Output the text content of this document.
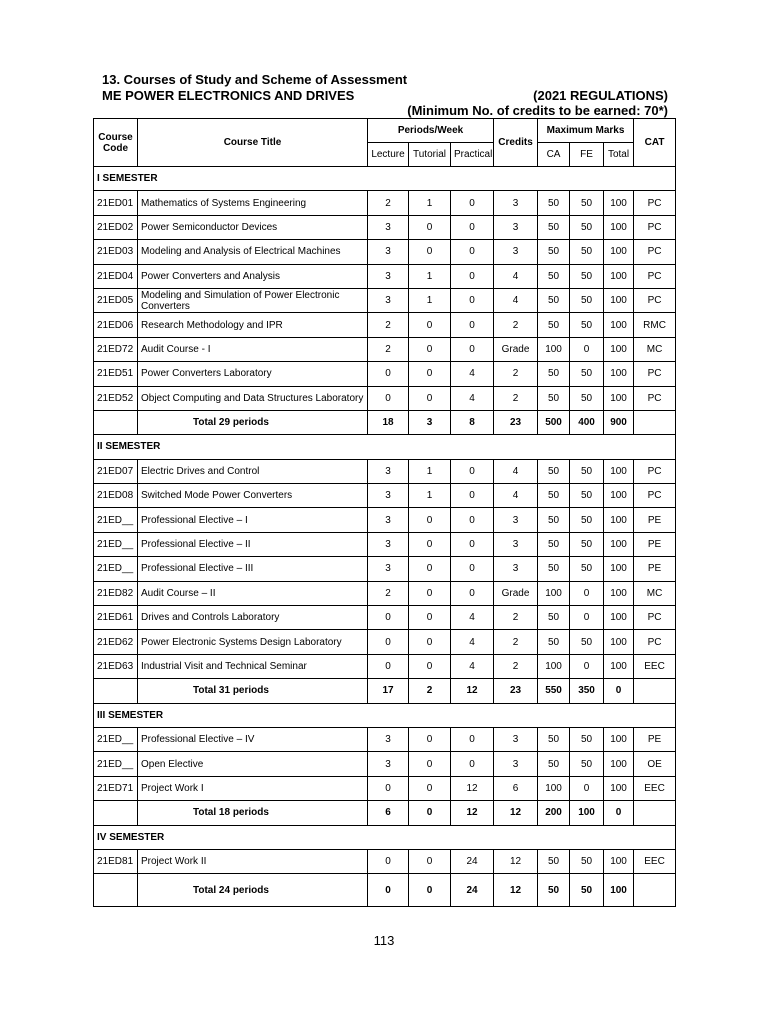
13. Courses of Study and Scheme of Assessment
ME POWER ELECTRONICS AND DRIVES	(2021 REGULATIONS)
(Minimum No. of credits to be earned: 70*)
Course Code	Course Title	Periods/Week			Credits	Maximum Marks			CAT
		Lecture	Tutorial	Practical		CA	FE	Total	
I SEMESTER									
21ED01	Mathematics of Systems Engineering	2	1	0	3	50	50	100	PC
21ED02	Power Semiconductor Devices	3	0	0	3	50	50	100	PC
21ED03	Modeling and Analysis of Electrical Machines	3	0	0	3	50	50	100	PC
21ED04	Power Converters and Analysis	3	1	0	4	50	50	100	PC
21ED05	Modeling and Simulation of Power Electronic Converters	3	1	0	4	50	50	100	PC
21ED06	Research Methodology and IPR	2	0	0	2	50	50	100	RMC
21ED72	Audit Course - I	2	0	0	Grade	100	0	100	MC
21ED51	Power Converters Laboratory	0	0	4	2	50	50	100	PC
21ED52	Object Computing and Data Structures Laboratory	0	0	4	2	50	50	100	PC
	Total 29 periods	18	3	8	23	500	400	900	
II SEMESTER									
21ED07	Electric Drives and Control	3	1	0	4	50	50	100	PC
21ED08	Switched Mode Power Converters	3	1	0	4	50	50	100	PC
21ED__	Professional Elective – I	3	0	0	3	50	50	100	PE
21ED__	Professional Elective – II	3	0	0	3	50	50	100	PE
21ED__	Professional Elective – III	3	0	0	3	50	50	100	PE
21ED82	Audit Course – II	2	0	0	Grade	100	0	100	MC
21ED61	Drives and Controls Laboratory	0	0	4	2	50	0	100	PC
21ED62	Power Electronic Systems Design Laboratory	0	0	4	2	50	50	100	PC
21ED63	Industrial Visit and Technical Seminar	0	0	4	2	100	0	100	EEC
	Total 31 periods	17	2	12	23	550	350	0	
III SEMESTER									
21ED__	Professional Elective – IV	3	0	0	3	50	50	100	PE
21ED__	Open Elective	3	0	0	3	50	50	100	OE
21ED71	Project Work I	0	0	12	6	100	0	100	EEC
	Total 18 periods	6	0	12	12	200	100	0	
IV SEMESTER									
21ED81	Project Work II	0	0	24	12	50	50	100	EEC
	Total 24 periods	0	0	24	12	50	50	100	
113
